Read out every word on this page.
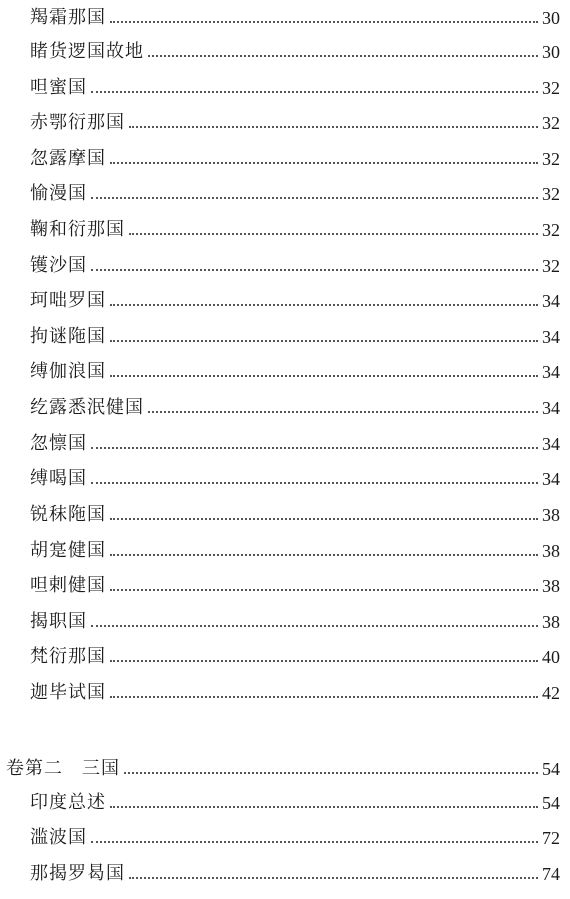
羯霜那国	30
睹货逻国故地	30
呾蜜国	32
赤鄂衍那国	32
忽露摩国	32
愉漫国	32
鞠和衍那国	32
镬沙国	32
珂咄罗国	34
拘谜陁国	34
缚伽浪国	34
纥露悉泯健国	34
忽懔国	34
缚喝国	34
锐秣陁国	38
胡寔健国	38
呾剌健国	38
揭职国	38
梵衍那国	40
迦毕试国	42
卷第二　三国	54
印度总述	54
滥波国	72
那揭罗曷国	74
